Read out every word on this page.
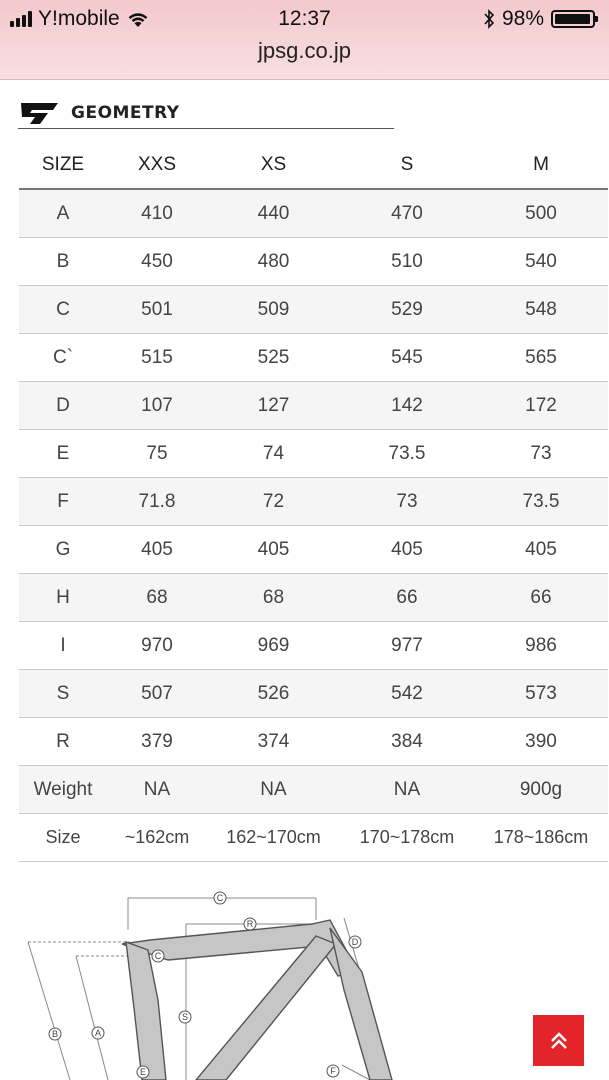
Y!mobile	12:37	98%
jpsg.co.jp
GEOMETRY
SIZE	XXS	XS	S	M
A	410	440	470	500
B	450	480	510	540
C	501	509	529	548
C`	515	525	545	565
D	107	127	142	172
E	75	74	73.5	73
F	71.8	72	73	73.5
G	405	405	405	405
H	68	68	66	66
I	970	969	977	986
S	507	526	542	573
R	379	374	384	390
Weight	NA	NA	NA	900g
Size	~162cm	162~170cm	170~178cm	178~186cm
C
R
C
D
S
B	A
E	F
